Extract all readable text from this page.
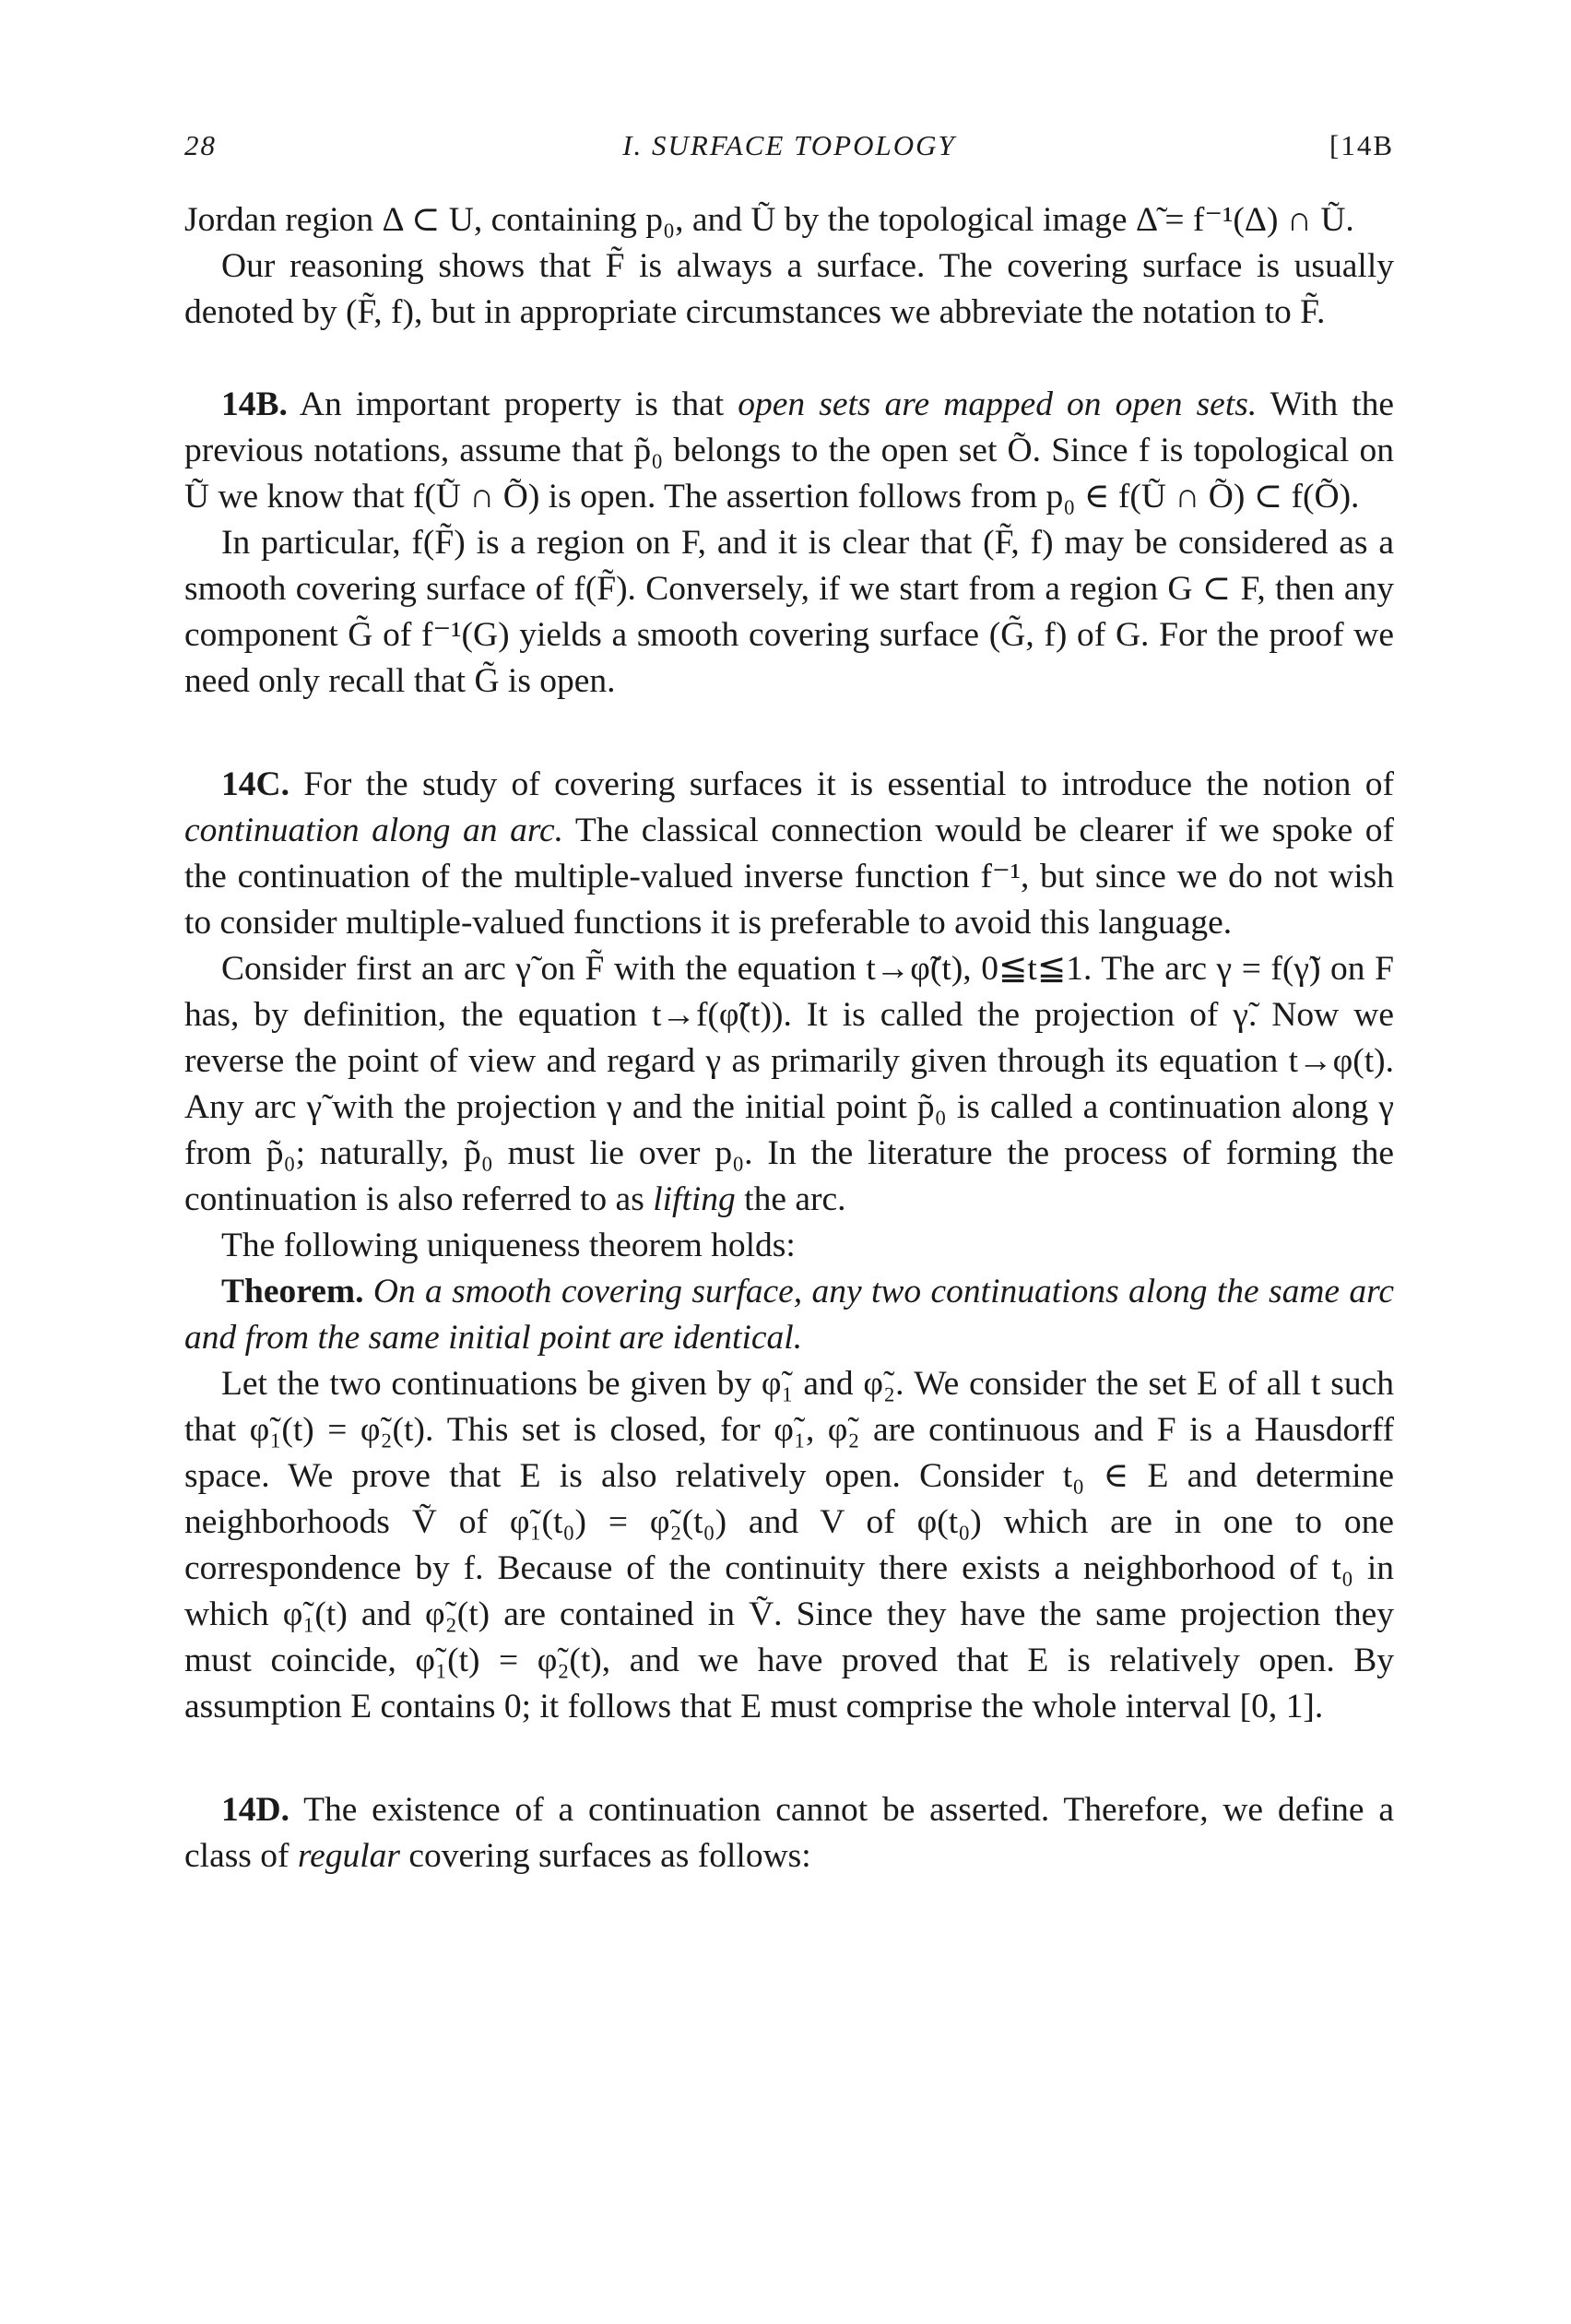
28	I. SURFACE TOPOLOGY	[14B

Jordan region Δ ⊂ U, containing p₀, and Ũ by the topological image Δ̃ = f⁻¹(Δ) ∩ Ũ.

Our reasoning shows that F̃ is always a surface. The covering surface is usually denoted by (F̃, f), but in appropriate circumstances we abbreviate the notation to F̃.

14B. An important property is that open sets are mapped on open sets. With the previous notations, assume that p̃₀ belongs to the open set Õ. Since f is topological on Ũ we know that f(Ũ ∩ Õ) is open. The assertion follows from p₀ ∈ f(Ũ ∩ Õ) ⊂ f(Õ).

In particular, f(F̃) is a region on F, and it is clear that (F̃, f) may be considered as a smooth covering surface of f(F̃). Conversely, if we start from a region G ⊂ F, then any component G̃ of f⁻¹(G) yields a smooth covering surface (G̃, f) of G. For the proof we need only recall that G̃ is open.

14C. For the study of covering surfaces it is essential to introduce the notion of continuation along an arc. The classical connection would be clearer if we spoke of the continuation of the multiple-valued inverse function f⁻¹, but since we do not wish to consider multiple-valued functions it is preferable to avoid this language.

Consider first an arc γ̃ on F̃ with the equation t→φ̃(t), 0≦t≦1. The arc γ = f(γ̃) on F has, by definition, the equation t→f(φ̃(t)). It is called the projection of γ̃. Now we reverse the point of view and regard γ as primarily given through its equation t→φ(t). Any arc γ̃ with the projection γ and the initial point p̃₀ is called a continuation along γ from p̃₀; naturally, p̃₀ must lie over p₀. In the literature the process of forming the continuation is also referred to as lifting the arc.

The following uniqueness theorem holds:

Theorem. On a smooth covering surface, any two continuations along the same arc and from the same initial point are identical.

Let the two continuations be given by φ̃₁ and φ̃₂. We consider the set E of all t such that φ̃₁(t) = φ̃₂(t). This set is closed, for φ̃₁, φ̃₂ are continuous and F is a Hausdorff space. We prove that E is also relatively open. Consider t₀ ∈ E and determine neighborhoods Ṽ of φ̃₁(t₀) = φ̃₂(t₀) and V of φ(t₀) which are in one to one correspondence by f. Because of the continuity there exists a neighborhood of t₀ in which φ̃₁(t) and φ̃₂(t) are contained in Ṽ. Since they have the same projection they must coincide, φ̃₁(t) = φ̃₂(t), and we have proved that E is relatively open. By assumption E contains 0; it follows that E must comprise the whole interval [0, 1].

14D. The existence of a continuation cannot be asserted. Therefore, we define a class of regular covering surfaces as follows:
